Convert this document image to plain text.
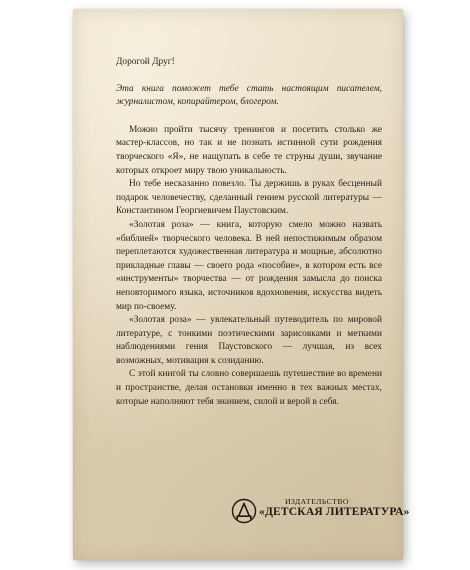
Дорогой Друг!

Эта книга поможет тебе стать настоящим писателем, журналистом, копирайтером, блогером.

Можно пройти тысячу тренингов и посетить столько же мастер-классов, но так и не познать истинной сути рождения творческого «Я», не нащупать в себе те струны души, звучание которых откроет миру твою уникальность.

Но тебе несказанно повезло. Ты держишь в руках бесценный подарок человечеству, сделанный гением русской литературы — Константином Георгиевичем Паустовским.

«Золотая роза» — книга, которую смело можно назвать «библией» творческого человека. В ней непостижимым образом переплетаются художественная литература и мощные, абсолютно прикладные главы — своего рода «пособие», в котором есть все «инструменты» творчества — от рождения замысла до поиска неповторимого языка, источников вдохновения, искусства видеть мир по-своему.

«Золотая роза» — увлекательный путеводитель по мировой литературе, с тонкими поэтическими зарисовками и меткими наблюдениями гения Паустовского — лучшая, из всех возможных, мотивация к созиданию.

С этой книгой ты словно совершаешь путешествие во времени и пространстве, делая остановки именно в тех важных местах, которые наполняют тебя знанием, силой и верой в себя.

ИЗДАТЕЛЬСТВО
«ДЕТСКАЯ ЛИТЕРАТУРА»
